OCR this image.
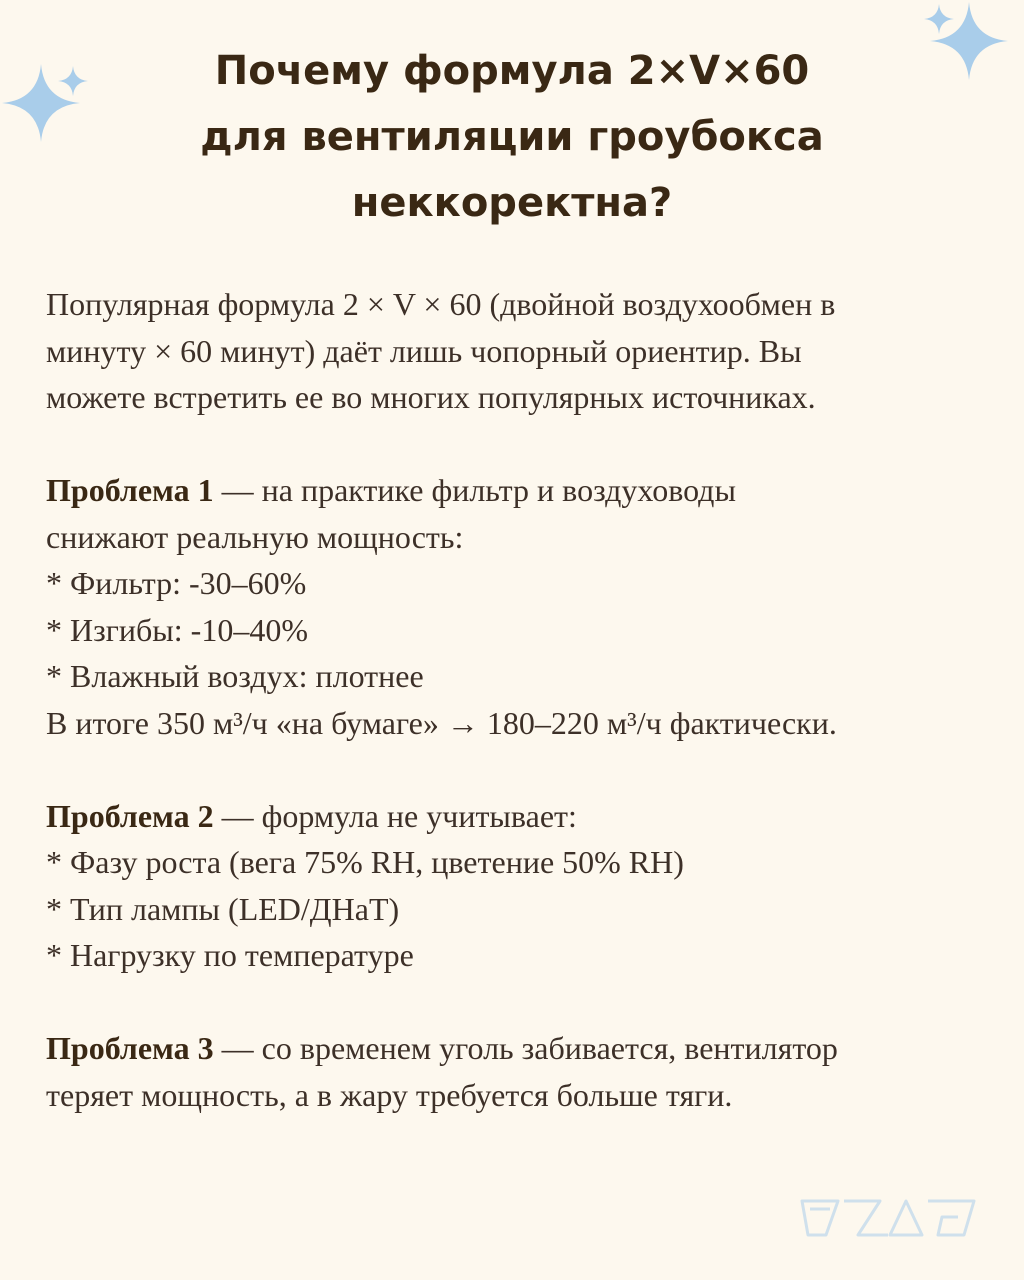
Почему формула 2×V×60
для вентиляции гроубокса
неккоректна?
Популярная формула 2 × V × 60 (двойной воздухообмен в
минуту × 60 минут) даёт лишь чопорный ориентир. Вы
можете встретить ее во многих популярных источниках.
Проблема 1 — на практике фильтр и воздуховоды
снижают реальную мощность:
* Фильтр: -30–60%
* Изгибы: -10–40%
* Влажный воздух: плотнее
В итоге 350 м³/ч «на бумаге» → 180–220 м³/ч фактически.
Проблема 2 — формула не учитывает:
* Фазу роста (вега 75% RH, цветение 50% RH)
* Тип лампы (LED/ДНаТ)
* Нагрузку по температуре
Проблема 3 — со временем уголь забивается, вентилятор
теряет мощность, а в жару требуется больше тяги.
